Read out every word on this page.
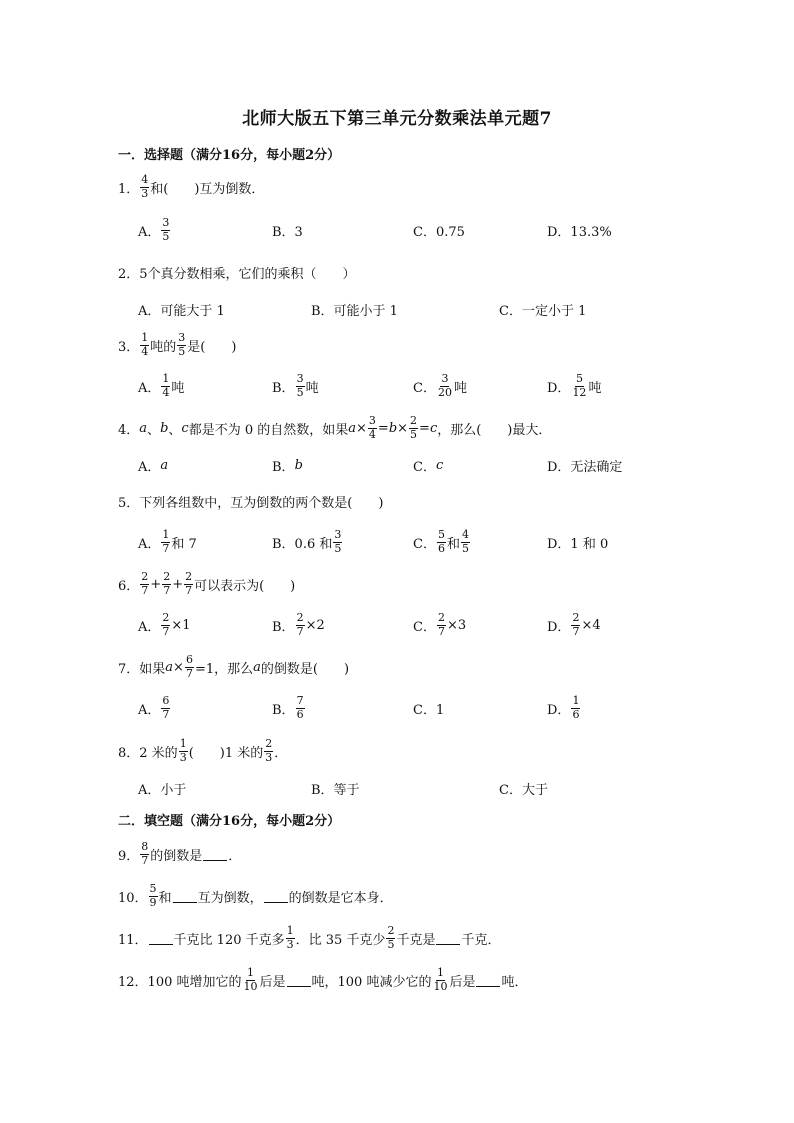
北师大版五下第三单元分数乘法单元题7
一．选择题（满分16分，每小题2分）
1． $\frac{4}{3}$ 和(　　)互为倒数．
A． $\frac{3}{5}$	B．3	C．0.75	D．13.3%
2．5个真分数相乘，它们的乘积（　　）
A．可能大于 1	B．可能小于 1	C．一定小于 1
3． $\frac{1}{4}$ 吨的 $\frac{3}{5}$ 是(　　)
A． $\frac{1}{4}$ 吨	B． $\frac{3}{5}$ 吨	C． $\frac{3}{20}$ 吨	D． $\frac{5}{12}$ 吨
4． a 、 b 、 c 都是不为 0 的自然数，如果 $a \times \frac{3}{4} = b \times \frac{2}{5} = c$ ，那么(　　)最大．
A． a	B． b	C． c	D．无法确定
5．下列各组数中，互为倒数的两个数是(　　)
A． $\frac{1}{7}$ 和 7	B．0.6 和 $\frac{3}{5}$	C． $\frac{5}{6}$ 和 $\frac{4}{5}$	D．1 和 0
6． $\frac{2}{7} + \frac{2}{7} + \frac{2}{7}$ 可以表示为(　　)
A． $\frac{2}{7} \times 1$	B． $\frac{2}{7} \times 2$	C． $\frac{2}{7} \times 3$	D． $\frac{2}{7} \times 4$
7．如果 $a \times \frac{6}{7} =1$，那么 a 的倒数是(　　)
A． $\frac{6}{7}$	B． $\frac{7}{6}$	C．1	D． $\frac{1}{6}$
8．2 米的 $\frac{1}{3}$ (　　)1 米的 $\frac{2}{3}$ ．
A．小于	B．等于	C．大于
二．填空题（满分16分，每小题2分）
9． $\frac{8}{7}$ 的倒数是 ．
10． $\frac{5}{9}$ 和 互为倒数， 的倒数是它本身．
11． 千克比 120 千克多 $\frac{1}{3}$ ．比 35 千克少 $\frac{2}{5}$ 千克是 千克．
12．100 吨增加它的 $\frac{1}{10}$ 后是 吨，100 吨减少它的 $\frac{1}{10}$ 后是 吨．
